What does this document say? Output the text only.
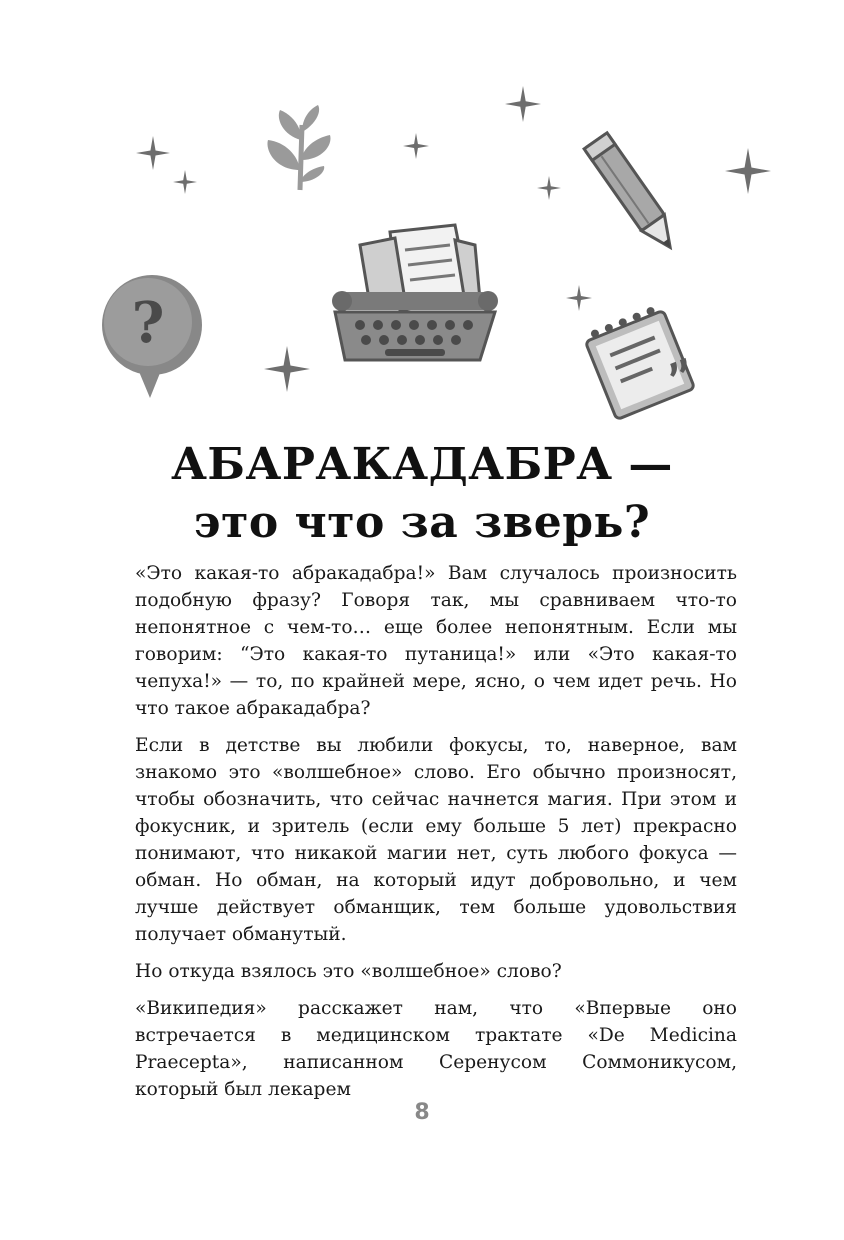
?
”
АБАРАКАДАБРА —
это что за зверь?

«Это какая-то абракадабра!» Вам случалось произносить подобную фразу? Говоря так, мы сравниваем что-то непонятное с чем-то… еще более непонятным. Если мы говорим: “Это какая-то путаница!» или «Это какая-то чепуха!» — то, по крайней мере, ясно, о чем идет речь. Но что такое абракадабра?

Если в детстве вы любили фокусы, то, наверное, вам знакомо это «волшебное» слово. Его обычно произносят, чтобы обозначить, что сейчас начнется магия. При этом и фокусник, и зритель (если ему больше 5 лет) прекрасно понимают, что никакой магии нет, суть любого фокуса — обман. Но обман, на который идут добровольно, и чем лучше действует обманщик, тем больше удовольствия получает обманутый.

Но откуда взялось это «волшебное» слово?

«Википедия» расскажет нам, что «Впервые оно встречается в медицинском трактате «De Medicina Praecepta», написанном Серенусом Соммоникусом, который был лекарем

8
